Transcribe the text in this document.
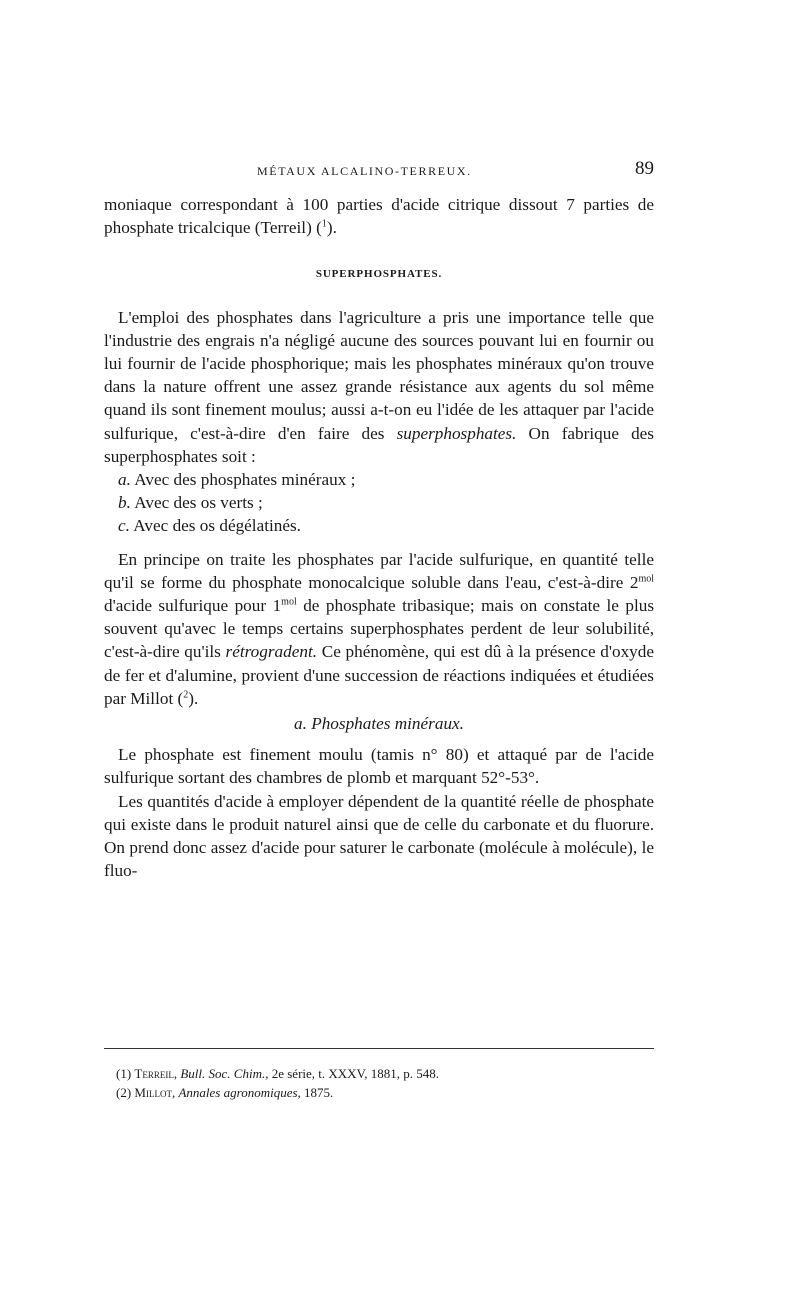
MÉTAUX ALCALINO-TERREUX.	89

moniaque correspondant à 100 parties d'acide citrique dissout 7 parties de phosphate tricalcique (Terreil) ($^1$).

SUPERPHOSPHATES.

L'emploi des phosphates dans l'agriculture a pris une importance telle que l'industrie des engrais n'a négligé aucune des sources pouvant lui en fournir ou lui fournir de l'acide phosphorique; mais les phosphates minéraux qu'on trouve dans la nature offrent une assez grande résistance aux agents du sol même quand ils sont finement moulus; aussi a-t-on eu l'idée de les attaquer par l'acide sulfurique, c'est-à-dire d'en faire des superphosphates. On fabrique des superphosphates soit :

a. Avec des phosphates minéraux ;

b. Avec des os verts ;

c. Avec des os dégélatinés.

En principe on traite les phosphates par l'acide sulfurique, en quantité telle qu'il se forme du phosphate monocalcique soluble dans l'eau, c'est-à-dire $2^{mol}$ d'acide sulfurique pour $1^{mol}$ de phosphate tribasique; mais on constate le plus souvent qu'avec le temps certains superphosphates perdent de leur solubilité, c'est-à-dire qu'ils rétrogradent. Ce phénomène, qui est dû à la présence d'oxyde de fer et d'alumine, provient d'une succession de réactions indiquées et étudiées par Millot ($^2$).

a. Phosphates minéraux.

Le phosphate est finement moulu (tamis n° 80) et attaqué par de l'acide sulfurique sortant des chambres de plomb et marquant 52°-53°.

Les quantités d'acide à employer dépendent de la quantité réelle de phosphate qui existe dans le produit naturel ainsi que de celle du carbonate et du fluorure. On prend donc assez d'acide pour saturer le carbonate (molécule à molécule), le fluo-

(1) Terreil, Bull. Soc. Chim., 2e série, t. XXXV, 1881, p. 548.

(2) Millot, Annales agronomiques, 1875.
